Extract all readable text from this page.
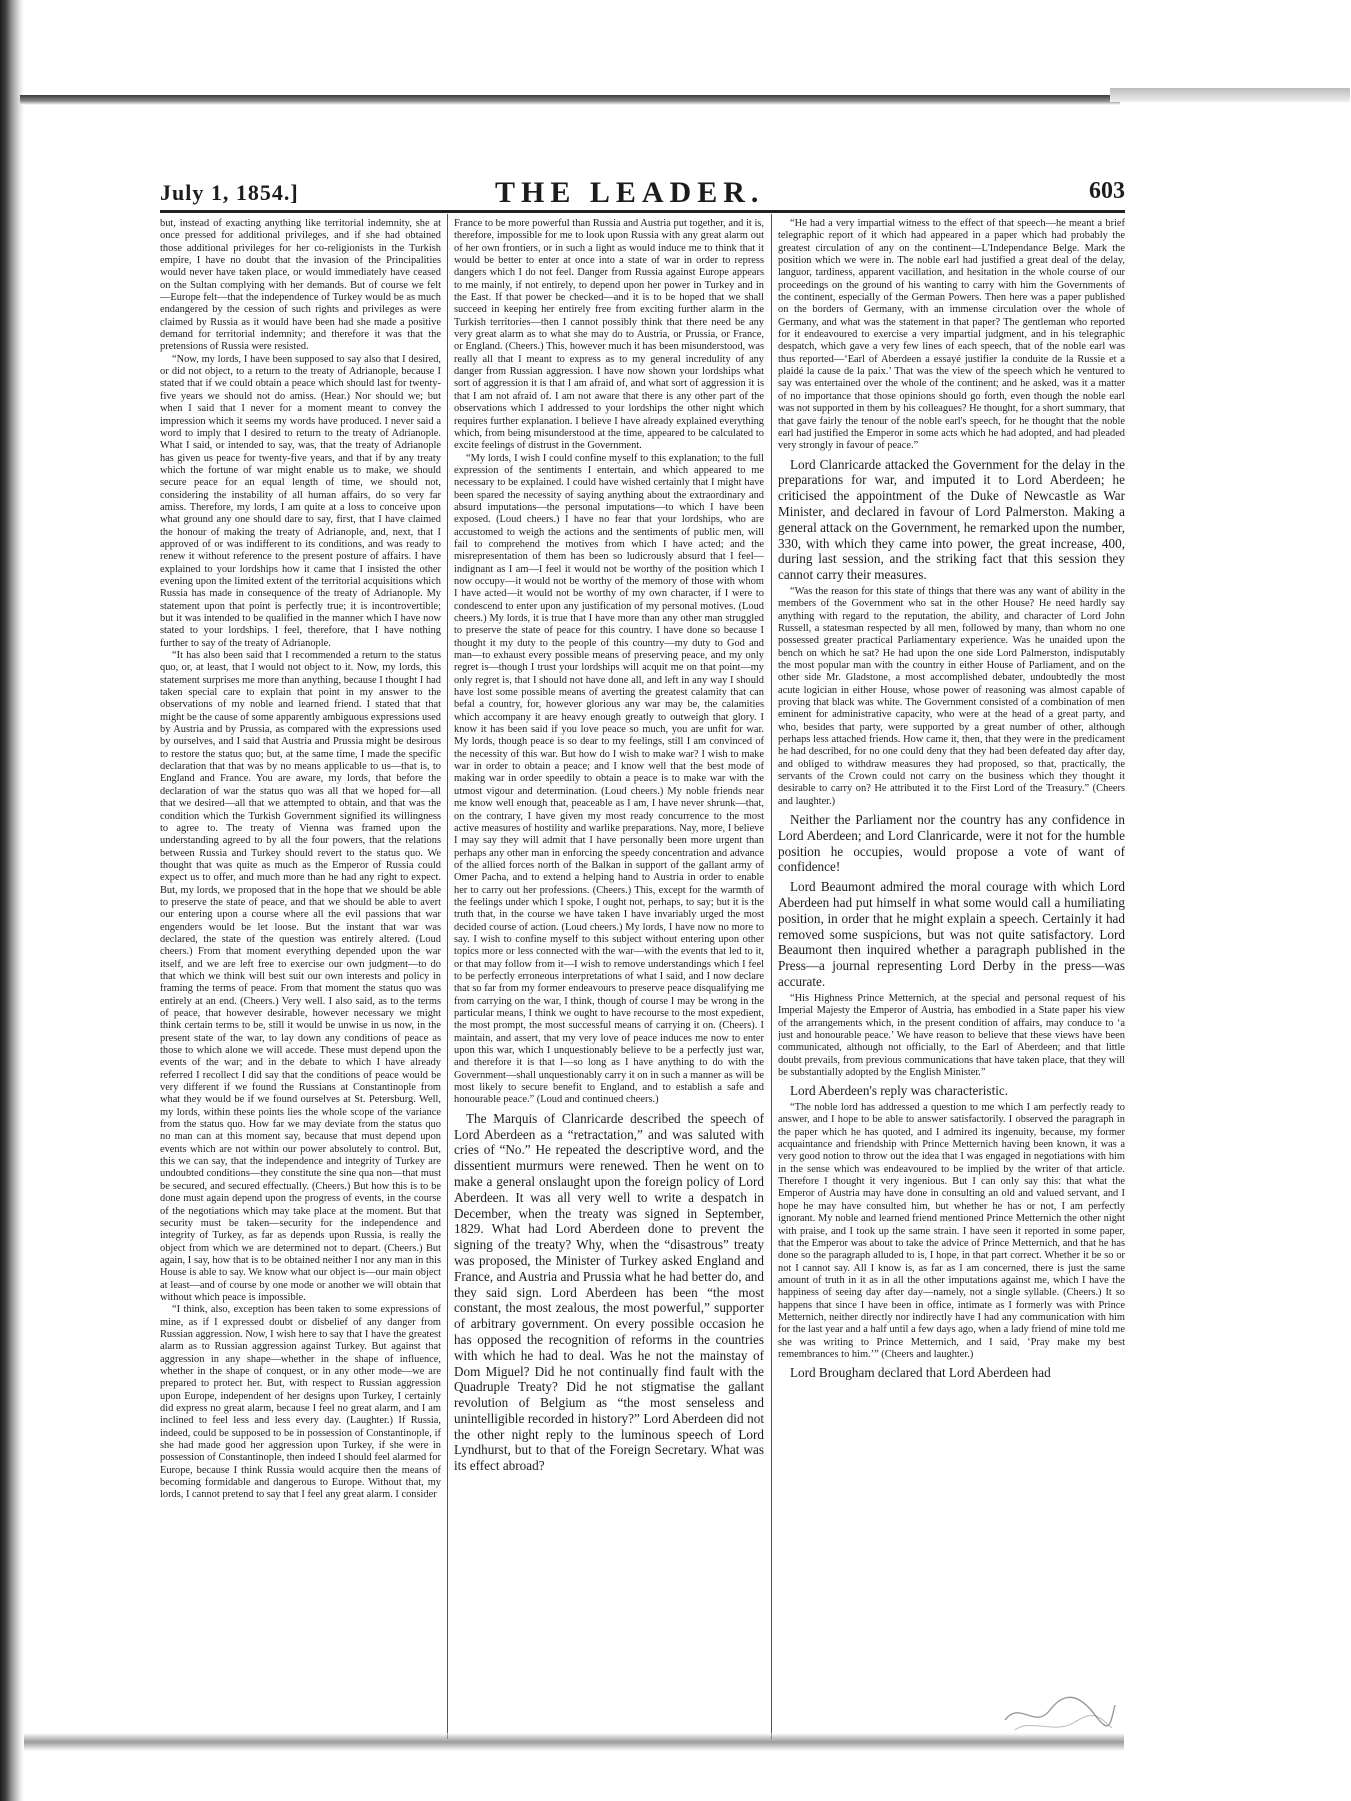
July 1, 1854.]	THE LEADER.	603

but, instead of exacting anything like territorial indemnity, she at once pressed for additional privileges, and if she had obtained those additional privileges for her co-religionists in the Turkish empire, I have no doubt that the invasion of the Principalities would never have taken place, or would immediately have ceased on the Sultan complying with her demands. But of course we felt—Europe felt—that the independence of Turkey would be as much endangered by the cession of such rights and privileges as were claimed by Russia as it would have been had she made a positive demand for territorial indemnity; and therefore it was that the pretensions of Russia were resisted.

“Now, my lords, I have been supposed to say also that I desired, or did not object, to a return to the treaty of Adrianople, because I stated that if we could obtain a peace which should last for twenty-five years we should not do amiss. (Hear.) Nor should we; but when I said that I never for a moment meant to convey the impression which it seems my words have produced. I never said a word to imply that I desired to return to the treaty of Adrianople. What I said, or intended to say, was, that the treaty of Adrianople has given us peace for twenty-five years, and that if by any treaty which the fortune of war might enable us to make, we should secure peace for an equal length of time, we should not, considering the instability of all human affairs, do so very far amiss. Therefore, my lords, I am quite at a loss to conceive upon what ground any one should dare to say, first, that I have claimed the honour of making the treaty of Adrianople, and, next, that I approved of or was indifferent to its conditions, and was ready to renew it without reference to the present posture of affairs. I have explained to your lordships how it came that I insisted the other evening upon the limited extent of the territorial acquisitions which Russia has made in consequence of the treaty of Adrianople. My statement upon that point is perfectly true; it is incontrovertible; but it was intended to be qualified in the manner which I have now stated to your lordships. I feel, therefore, that I have nothing further to say of the treaty of Adrianople.

“It has also been said that I recommended a return to the status quo, or, at least, that I would not object to it. Now, my lords, this statement surprises me more than anything, because I thought I had taken special care to explain that point in my answer to the observations of my noble and learned friend. I stated that that might be the cause of some apparently ambiguous expressions used by Austria and by Prussia, as compared with the expressions used by ourselves, and I said that Austria and Prussia might be desirous to restore the status quo; but, at the same time, I made the specific declaration that that was by no means applicable to us—that is, to England and France. You are aware, my lords, that before the declaration of war the status quo was all that we hoped for—all that we desired—all that we attempted to obtain, and that was the condition which the Turkish Government signified its willingness to agree to. The treaty of Vienna was framed upon the understanding agreed to by all the four powers, that the relations between Russia and Turkey should revert to the status quo. We thought that was quite as much as the Emperor of Russia could expect us to offer, and much more than he had any right to expect. But, my lords, we proposed that in the hope that we should be able to preserve the state of peace, and that we should be able to avert our entering upon a course where all the evil passions that war engenders would be let loose. But the instant that war was declared, the state of the question was entirely altered. (Loud cheers.) From that moment everything depended upon the war itself, and we are left free to exercise our own judgment—to do that which we think will best suit our own interests and policy in framing the terms of peace. From that moment the status quo was entirely at an end. (Cheers.) Very well. I also said, as to the terms of peace, that however desirable, however necessary we might think certain terms to be, still it would be unwise in us now, in the present state of the war, to lay down any conditions of peace as those to which alone we will accede. These must depend upon the events of the war; and in the debate to which I have already referred I recollect I did say that the conditions of peace would be very different if we found the Russians at Constantinople from what they would be if we found ourselves at St. Petersburg. Well, my lords, within these points lies the whole scope of the variance from the status quo. How far we may deviate from the status quo no man can at this moment say, because that must depend upon events which are not within our power absolutely to control. But, this we can say, that the independence and integrity of Turkey are undoubted conditions—they constitute the sine qua non—that must be secured, and secured effectually. (Cheers.) But how this is to be done must again depend upon the progress of events, in the course of the negotiations which may take place at the moment. But that security must be taken—security for the independence and integrity of Turkey, as far as depends upon Russia, is really the object from which we are determined not to depart. (Cheers.) But again, I say, how that is to be obtained neither I nor any man in this House is able to say. We know what our object is—our main object at least—and of course by one mode or another we will obtain that without which peace is impossible.

“I think, also, exception has been taken to some expressions of mine, as if I expressed doubt or disbelief of any danger from Russian aggression. Now, I wish here to say that I have the greatest alarm as to Russian aggression against Turkey. But against that aggression in any shape—whether in the shape of influence, whether in the shape of conquest, or in any other mode—we are prepared to protect her. But, with respect to Russian aggression upon Europe, independent of her designs upon Turkey, I certainly did express no great alarm, because I feel no great alarm, and I am inclined to feel less and less every day. (Laughter.) If Russia, indeed, could be supposed to be in possession of Constantinople, if she had made good her aggression upon Turkey, if she were in possession of Constantinople, then indeed I should feel alarmed for Europe, because I think Russia would acquire then the means of becoming formidable and dangerous to Europe. Without that, my lords, I cannot pretend to say that I feel any great alarm. I consider

France to be more powerful than Russia and Austria put together, and it is, therefore, impossible for me to look upon Russia with any great alarm out of her own frontiers, or in such a light as would induce me to think that it would be better to enter at once into a state of war in order to repress dangers which I do not feel. Danger from Russia against Europe appears to me mainly, if not entirely, to depend upon her power in Turkey and in the East. If that power be checked—and it is to be hoped that we shall succeed in keeping her entirely free from exciting further alarm in the Turkish territories—then I cannot possibly think that there need be any very great alarm as to what she may do to Austria, or Prussia, or France, or England. (Cheers.) This, however much it has been misunderstood, was really all that I meant to express as to my general incredulity of any danger from Russian aggression. I have now shown your lordships what sort of aggression it is that I am afraid of, and what sort of aggression it is that I am not afraid of. I am not aware that there is any other part of the observations which I addressed to your lordships the other night which requires further explanation. I believe I have already explained everything which, from being misunderstood at the time, appeared to be calculated to excite feelings of distrust in the Government.

“My lords, I wish I could confine myself to this explanation; to the full expression of the sentiments I entertain, and which appeared to me necessary to be explained. I could have wished certainly that I might have been spared the necessity of saying anything about the extraordinary and absurd imputations—the personal imputations—to which I have been exposed. (Loud cheers.) I have no fear that your lordships, who are accustomed to weigh the actions and the sentiments of public men, will fail to comprehend the motives from which I have acted; and the misrepresentation of them has been so ludicrously absurd that I feel—indignant as I am—I feel it would not be worthy of the position which I now occupy—it would not be worthy of the memory of those with whom I have acted—it would not be worthy of my own character, if I were to condescend to enter upon any justification of my personal motives. (Loud cheers.) My lords, it is true that I have more than any other man struggled to preserve the state of peace for this country. I have done so because I thought it my duty to the people of this country—my duty to God and man—to exhaust every possible means of preserving peace, and my only regret is—though I trust your lordships will acquit me on that point—my only regret is, that I should not have done all, and left in any way I should have lost some possible means of averting the greatest calamity that can befal a country, for, however glorious any war may be, the calamities which accompany it are heavy enough greatly to outweigh that glory. I know it has been said if you love peace so much, you are unfit for war. My lords, though peace is so dear to my feelings, still I am convinced of the necessity of this war. But how do I wish to make war? I wish to make war in order to obtain a peace; and I know well that the best mode of making war in order speedily to obtain a peace is to make war with the utmost vigour and determination. (Loud cheers.) My noble friends near me know well enough that, peaceable as I am, I have never shrunk—that, on the contrary, I have given my most ready concurrence to the most active measures of hostility and warlike preparations. Nay, more, I believe I may say they will admit that I have personally been more urgent than perhaps any other man in enforcing the speedy concentration and advance of the allied forces north of the Balkan in support of the gallant army of Omer Pacha, and to extend a helping hand to Austria in order to enable her to carry out her professions. (Cheers.) This, except for the warmth of the feelings under which I spoke, I ought not, perhaps, to say; but it is the truth that, in the course we have taken I have invariably urged the most decided course of action. (Loud cheers.) My lords, I have now no more to say. I wish to confine myself to this subject without entering upon other topics more or less connected with the war—with the events that led to it, or that may follow from it—I wish to remove understandings which I feel to be perfectly erroneous interpretations of what I said, and I now declare that so far from my former endeavours to preserve peace disqualifying me from carrying on the war, I think, though of course I may be wrong in the particular means, I think we ought to have recourse to the most expedient, the most prompt, the most successful means of carrying it on. (Cheers). I maintain, and assert, that my very love of peace induces me now to enter upon this war, which I unquestionably believe to be a perfectly just war, and therefore it is that I—so long as I have anything to do with the Government—shall unquestionably carry it on in such a manner as will be most likely to secure benefit to England, and to establish a safe and honourable peace.” (Loud and continued cheers.)

The Marquis of Clanricarde described the speech of Lord Aberdeen as a “retractation,” and was saluted with cries of “No.” He repeated the descriptive word, and the dissentient murmurs were renewed. Then he went on to make a general onslaught upon the foreign policy of Lord Aberdeen. It was all very well to write a despatch in December, when the treaty was signed in September, 1829. What had Lord Aberdeen done to prevent the signing of the treaty? Why, when the “disastrous” treaty was proposed, the Minister of Turkey asked England and France, and Austria and Prussia what he had better do, and they said sign. Lord Aberdeen has been “the most constant, the most zealous, the most powerful,” supporter of arbitrary government. On every possible occasion he has opposed the recognition of reforms in the countries with which he had to deal. Was he not the mainstay of Dom Miguel? Did he not continually find fault with the Quadruple Treaty? Did he not stigmatise the gallant revolution of Belgium as “the most senseless and unintelligible recorded in history?” Lord Aberdeen did not the other night reply to the luminous speech of Lord Lyndhurst, but to that of the Foreign Secretary. What was its effect abroad?

“He had a very impartial witness to the effect of that speech—he meant a brief telegraphic report of it which had appeared in a paper which had probably the greatest circulation of any on the continent—L'Independance Belge. Mark the position which we were in. The noble earl had justified a great deal of the delay, languor, tardiness, apparent vacillation, and hesitation in the whole course of our proceedings on the ground of his wanting to carry with him the Governments of the continent, especially of the German Powers. Then here was a paper published on the borders of Germany, with an immense circulation over the whole of Germany, and what was the statement in that paper? The gentleman who reported for it endeavoured to exercise a very impartial judgment, and in his telegraphic despatch, which gave a very few lines of each speech, that of the noble earl was thus reported—‘Earl of Aberdeen a essayé justifier la conduite de la Russie et a plaidé la cause de la paix.’ That was the view of the speech which he ventured to say was entertained over the whole of the continent; and he asked, was it a matter of no importance that those opinions should go forth, even though the noble earl was not supported in them by his colleagues? He thought, for a short summary, that that gave fairly the tenour of the noble earl's speech, for he thought that the noble earl had justified the Emperor in some acts which he had adopted, and had pleaded very strongly in favour of peace.”

Lord Clanricarde attacked the Government for the delay in the preparations for war, and imputed it to Lord Aberdeen; he criticised the appointment of the Duke of Newcastle as War Minister, and declared in favour of Lord Palmerston. Making a general attack on the Government, he remarked upon the number, 330, with which they came into power, the great increase, 400, during last session, and the striking fact that this session they cannot carry their measures.

“Was the reason for this state of things that there was any want of ability in the members of the Government who sat in the other House? He need hardly say anything with regard to the reputation, the ability, and character of Lord John Russell, a statesman respected by all men, followed by many, than whom no one possessed greater practical Parliamentary experience. Was he unaided upon the bench on which he sat? He had upon the one side Lord Palmerston, indisputably the most popular man with the country in either House of Parliament, and on the other side Mr. Gladstone, a most accomplished debater, undoubtedly the most acute logician in either House, whose power of reasoning was almost capable of proving that black was white. The Government consisted of a combination of men eminent for administrative capacity, who were at the head of a great party, and who, besides that party, were supported by a great number of other, although perhaps less attached friends. How came it, then, that they were in the predicament he had described, for no one could deny that they had been defeated day after day, and obliged to withdraw measures they had proposed, so that, practically, the servants of the Crown could not carry on the business which they thought it desirable to carry on? He attributed it to the First Lord of the Treasury.” (Cheers and laughter.)

Neither the Parliament nor the country has any confidence in Lord Aberdeen; and Lord Clanricarde, were it not for the humble position he occupies, would propose a vote of want of confidence!

Lord Beaumont admired the moral courage with which Lord Aberdeen had put himself in what some would call a humiliating position, in order that he might explain a speech. Certainly it had removed some suspicions, but was not quite satisfactory. Lord Beaumont then inquired whether a paragraph published in the Press—a journal representing Lord Derby in the press—was accurate.

“His Highness Prince Metternich, at the special and personal request of his Imperial Majesty the Emperor of Austria, has embodied in a State paper his view of the arrangements which, in the present condition of affairs, may conduce to ‘a just and honourable peace.’ We have reason to believe that these views have been communicated, although not officially, to the Earl of Aberdeen; and that little doubt prevails, from previous communications that have taken place, that they will be substantially adopted by the English Minister.”

Lord Aberdeen's reply was characteristic.

“The noble lord has addressed a question to me which I am perfectly ready to answer, and I hope to be able to answer satisfactorily. I observed the paragraph in the paper which he has quoted, and I admired its ingenuity, because, my former acquaintance and friendship with Prince Metternich having been known, it was a very good notion to throw out the idea that I was engaged in negotiations with him in the sense which was endeavoured to be implied by the writer of that article. Therefore I thought it very ingenious. But I can only say this: that what the Emperor of Austria may have done in consulting an old and valued servant, and I hope he may have consulted him, but whether he has or not, I am perfectly ignorant. My noble and learned friend mentioned Prince Metternich the other night with praise, and I took up the same strain. I have seen it reported in some paper, that the Emperor was about to take the advice of Prince Metternich, and that he has done so the paragraph alluded to is, I hope, in that part correct. Whether it be so or not I cannot say. All I know is, as far as I am concerned, there is just the same amount of truth in it as in all the other imputations against me, which I have the happiness of seeing day after day—namely, not a single syllable. (Cheers.) It so happens that since I have been in office, intimate as I formerly was with Prince Metternich, neither directly nor indirectly have I had any communication with him for the last year and a half until a few days ago, when a lady friend of mine told me she was writing to Prince Metternich, and I said, ‘Pray make my best remembrances to him.’” (Cheers and laughter.)

Lord Brougham declared that Lord Aberdeen had
